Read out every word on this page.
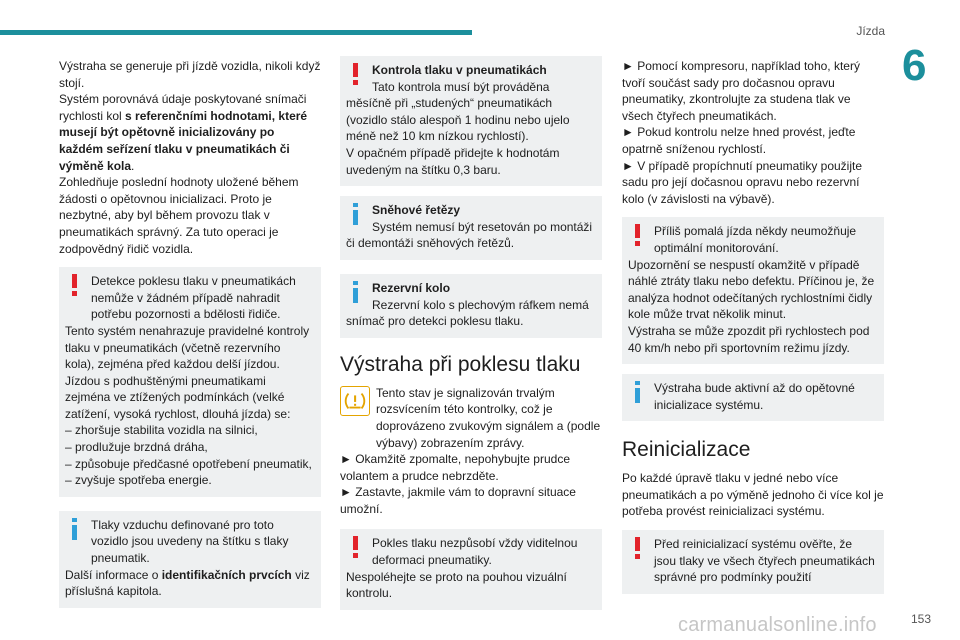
Jízda
6

Výstraha se generuje při jízdě vozidla, nikoli když stojí.

Systém porovnává údaje poskytované snímači rychlosti kol s referenčními hodnotami, které musejí být opětovně inicializovány po každém seřízení tlaku v pneumatikách či výměně kola.

Zohledňuje poslední hodnoty uložené během žádosti o opětovnou inicializaci. Proto je nezbytné, aby byl během provozu tlak v pneumatikách správný. Za tuto operaci je zodpovědný řidič vozidla.

Detekce poklesu tlaku v pneumatikách nemůže v žádném případě nahradit potřebu pozornosti a bdělosti řidiče.

Tento systém nenahrazuje pravidelné kontroly tlaku v pneumatikách (včetně rezervního kola), zejména před každou delší jízdou.

Jízdou s podhuštěnými pneumatikami zejména ve ztížených podmínkách (velké zatížení, vysoká rychlost, dlouhá jízda) se:

– zhoršuje stabilita vozidla na silnici,

– prodlužuje brzdná dráha,

– způsobuje předčasné opotřebení pneumatik,

– zvyšuje spotřeba energie.

Tlaky vzduchu definované pro toto vozidlo jsou uvedeny na štítku s tlaky pneumatik.

Další informace o identifikačních prvcích viz příslušná kapitola.

Kontrola tlaku v pneumatikách

Tato kontrola musí být prováděna měsíčně při „studených“ pneumatikách (vozidlo stálo alespoň 1 hodinu nebo ujelo méně než 10 km nízkou rychlostí).

V opačném případě přidejte k hodnotám uvedeným na štítku 0,3 baru.

Sněhové řetězy

Systém nemusí být resetován po montáži či demontáži sněhových řetězů.

Rezervní kolo

Rezervní kolo s plechovým ráfkem nemá snímač pro detekci poklesu tlaku.

Výstraha při poklesu tlaku

Tento stav je signalizován trvalým rozsvícením této kontrolky, což je doprovázeno zvukovým signálem a (podle výbavy) zobrazením zprávy.

► Okamžitě zpomalte, nepohybujte prudce volantem a prudce nebrzděte.

► Zastavte, jakmile vám to dopravní situace umožní.

Pokles tlaku nezpůsobí vždy viditelnou deformaci pneumatiky.

Nespoléhejte se proto na pouhou vizuální kontrolu.

► Pomocí kompresoru, například toho, který tvoří součást sady pro dočasnou opravu pneumatiky, zkontrolujte za studena tlak ve všech čtyřech pneumatikách.

► Pokud kontrolu nelze hned provést, jeďte opatrně sníženou rychlostí.

► V případě propíchnutí pneumatiky použijte sadu pro její dočasnou opravu nebo rezervní kolo (v závislosti na výbavě).

Příliš pomalá jízda někdy neumožňuje optimální monitorování.

Upozornění se nespustí okamžitě v případě náhlé ztráty tlaku nebo defektu. Příčinou je, že analýza hodnot odečítaných rychlostními čidly kole může trvat několik minut.

Výstraha se může zpozdit při rychlostech pod 40 km/h nebo při sportovním režimu jízdy.

Výstraha bude aktivní až do opětovné inicializace systému.

Reinicializace

Po každé úpravě tlaku v jedné nebo více pneumatikách a po výměně jednoho či více kol je potřeba provést reinicializaci systému.

Před reinicializací systému ověřte, že jsou tlaky ve všech čtyřech pneumatikách správné pro podmínky použití

153
carmanualsonline.info
